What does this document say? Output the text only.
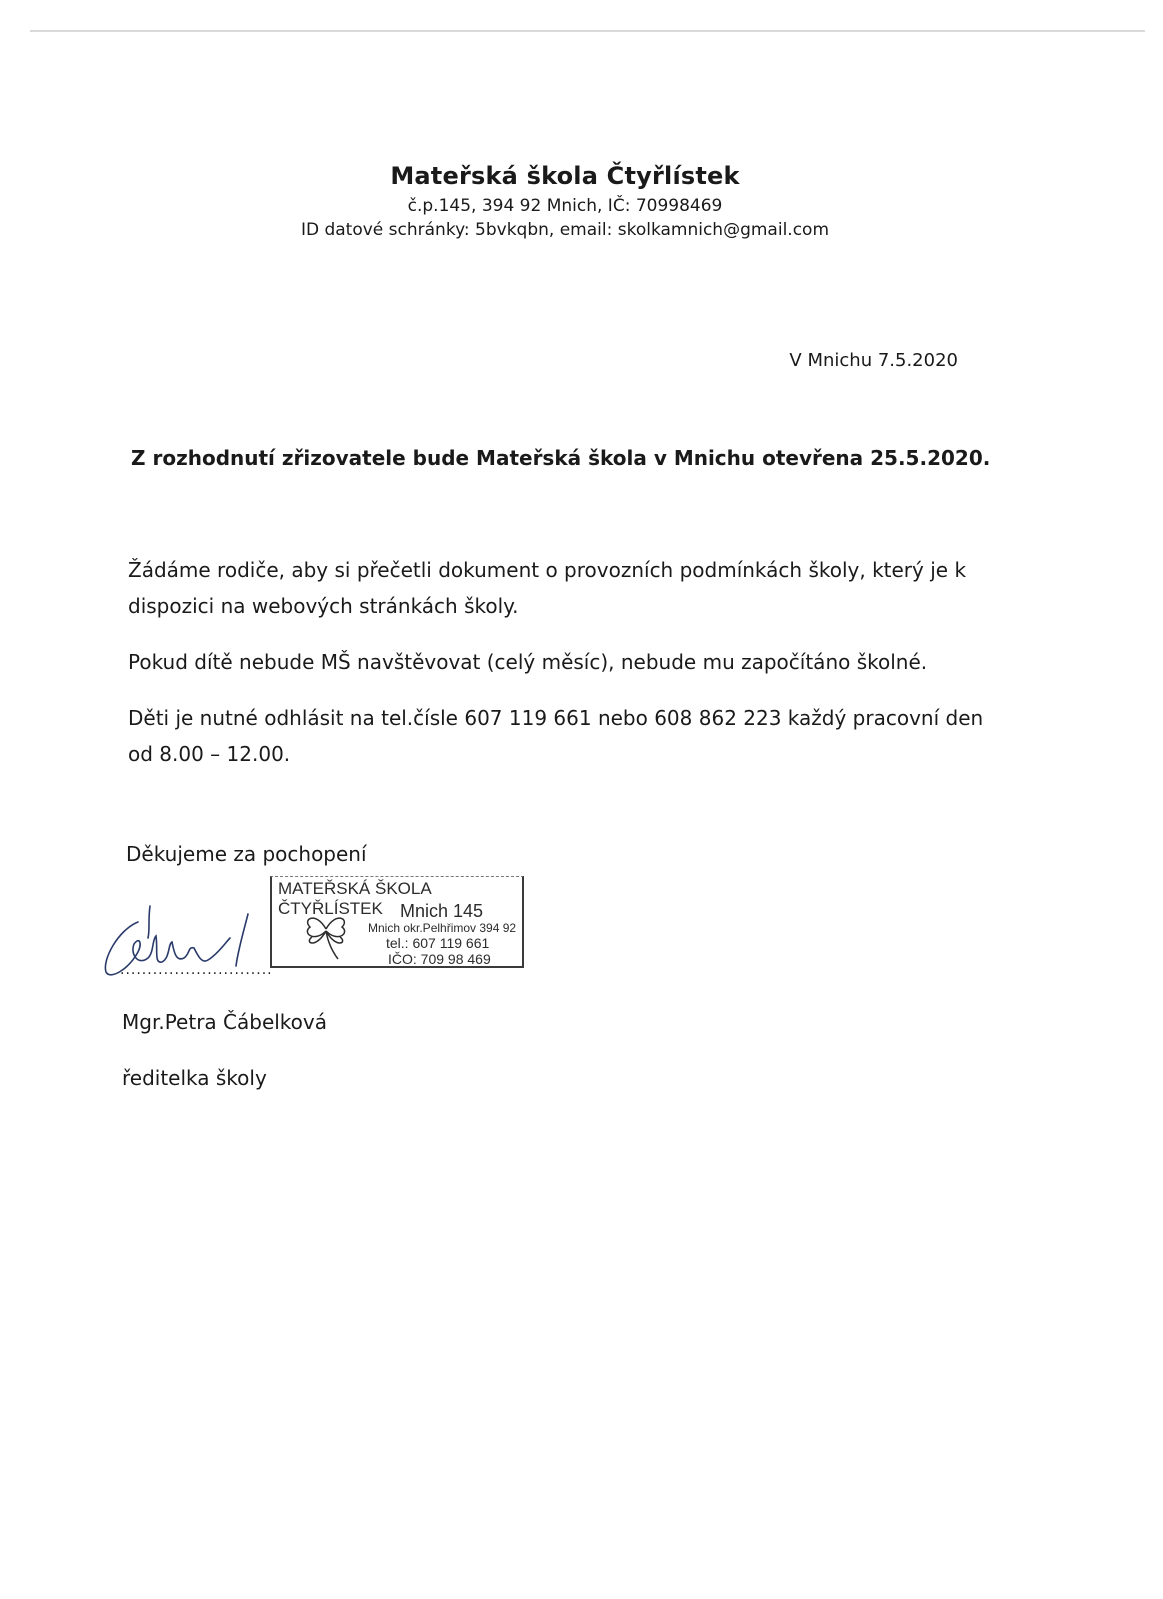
Mateřská škola Čtyřlístek

č.p.145, 394 92 Mnich, IČ: 70998469

ID datové schránky: 5bvkqbn, email: skolkamnich@gmail.com

V Mnichu 7.5.2020
Z rozhodnutí zřizovatele bude Mateřská škola v Mnichu otevřena 25.5.2020.
Žádáme rodiče, aby si přečetli dokument o provozních podmínkách školy, který je k dispozici na webových stránkách školy.
Pokud dítě nebude MŠ navštěvovat (celý měsíc), nebude mu započítáno školné.
Děti je nutné odhlásit na tel.čísle 607 119 661 nebo 608 862 223 každý pracovní den od 8.00 – 12.00.
Děkujeme za pochopení
............................
MATEŘSKÁ ŠKOLA ČTYŘLÍSTEK Mnich 145
Mnich okr.Pelhřimov 394 92
tel.: 607 119 661
IČO: 709 98 469
Mgr.Petra Čábelková
ředitelka školy
